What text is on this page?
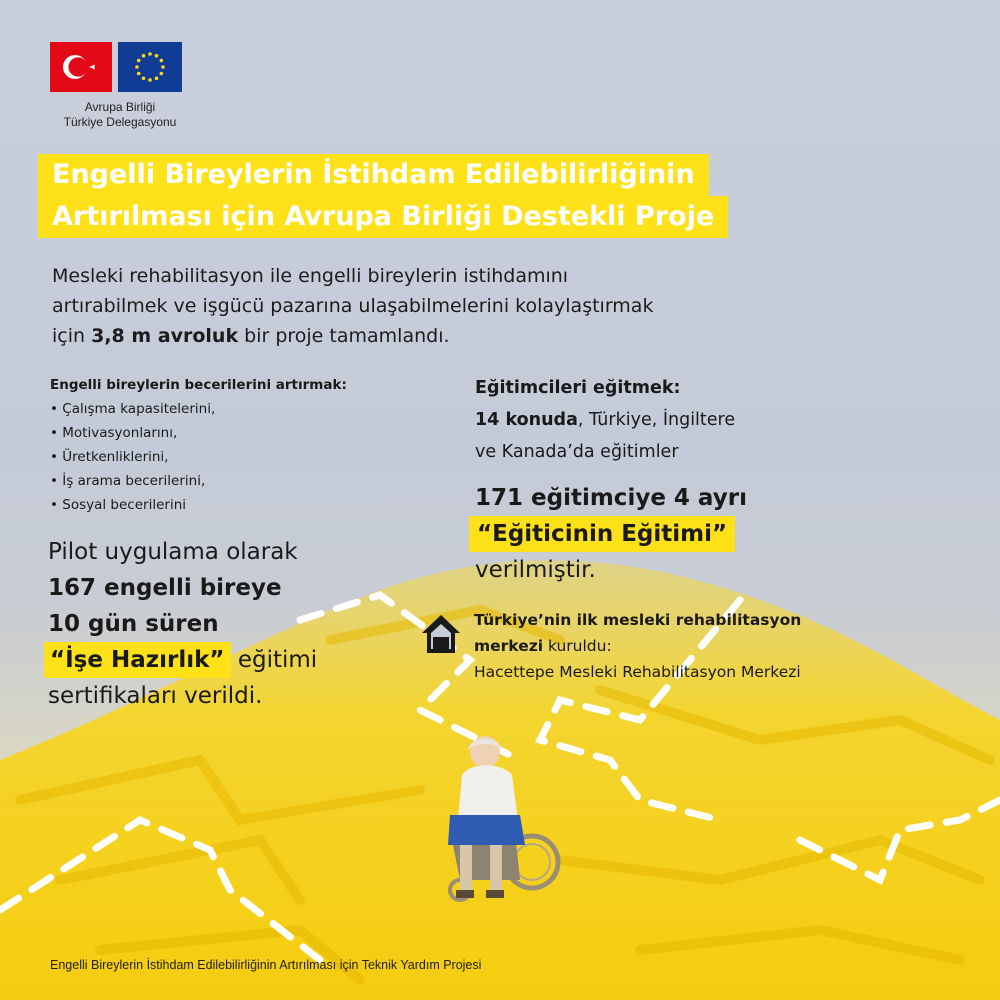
Avrupa Birliği
Türkiye Delegasyonu
Engelli Bireylerin İstihdam Edilebilirliğinin
Artırılması için Avrupa Birliği Destekli Proje
Mesleki rehabilitasyon ile engelli bireylerin istihdamını
artırabilmek ve işgücü pazarına ulaşabilmelerini kolaylaştırmak
için 3,8 m avroluk bir proje tamamlandı.
Engelli bireylerin becerilerini artırmak:
• Çalışma kapasitelerini,
• Motivasyonlarını,
• Üretkenliklerini,
• İş arama becerilerini,
• Sosyal becerilerini
Eğitimcileri eğitmek:
14 konuda, Türkiye, İngiltere
ve Kanada’da eğitimler
171 eğitimciye 4 ayrı
“Eğiticinin Eğitimi”
verilmiştir.
Pilot uygulama olarak
167 engelli bireye
10 gün süren
“İşe Hazırlık” eğitimi
sertifikaları verildi.
Türkiye’nin ilk mesleki rehabilitasyon
merkezi kuruldu:
Hacettepe Mesleki Rehabilitasyon Merkezi
Engelli Bireylerin İstihdam Edilebilirliğinin Artırılması için Teknik Yardım Projesi
